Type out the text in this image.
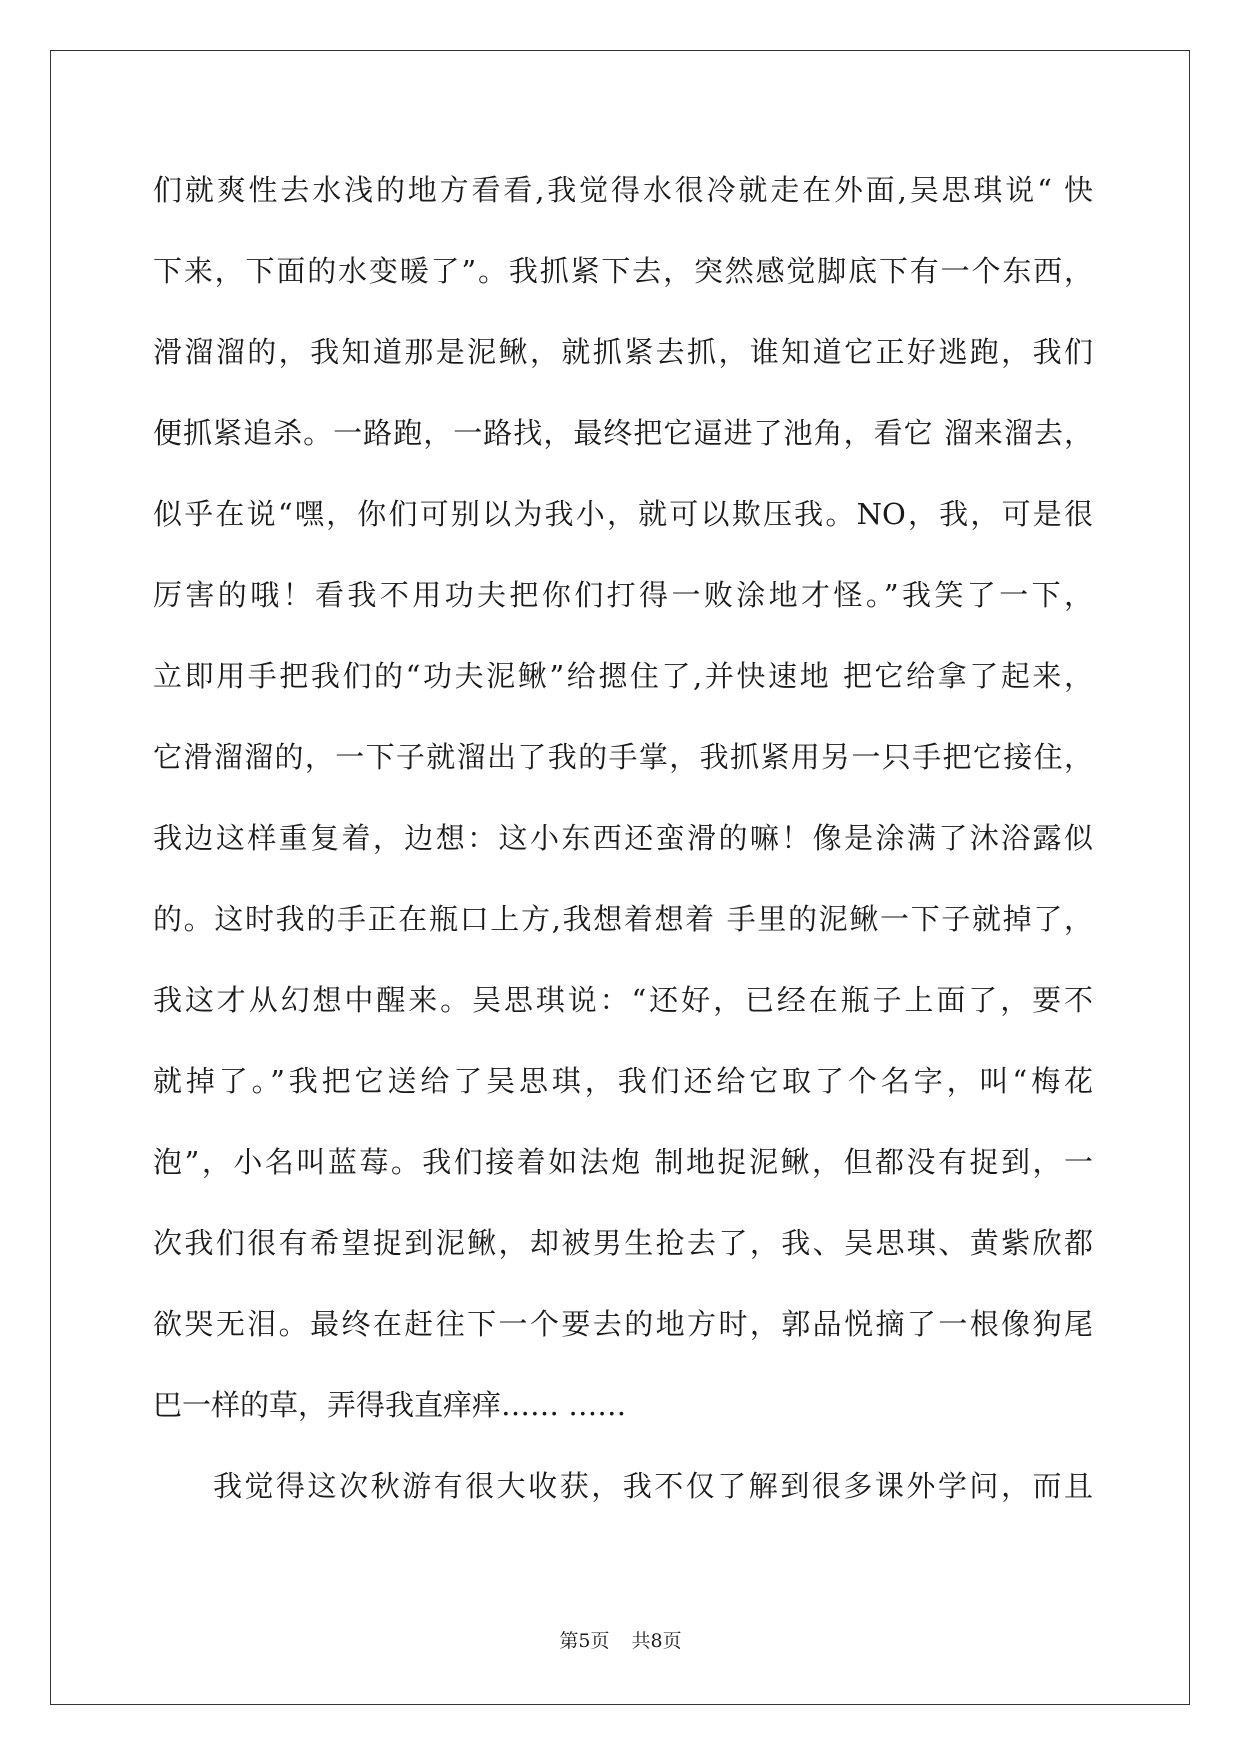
们就爽性去水浅的地方看看,我觉得水很冷就走在外面,吴思琪说“ 快
下来，下面的水变暖了”。我抓紧下去，突然感觉脚底下有一个东西，
滑溜溜的，我知道那是泥鳅，就抓紧去抓，谁知道它正好逃跑，我们
便抓紧追杀。一路跑，一路找，最终把它逼进了池角，看它 溜来溜去，
似乎在说“嘿，你们可别以为我小，就可以欺压我。NO，我，可是很
厉害的哦！看我不用功夫把你们打得一败涂地才怪。”我笑了一下，
立即用手把我们的“功夫泥鳅”给摁住了,并快速地 把它给拿了起来，
它滑溜溜的，一下子就溜出了我的手掌，我抓紧用另一只手把它接住，
我边这样重复着，边想：这小东西还蛮滑的嘛！像是涂满了沐浴露似
的。这时我的手正在瓶口上方,我想着想着 手里的泥鳅一下子就掉了，
我这才从幻想中醒来。吴思琪说：“还好，已经在瓶子上面了，要不
就掉了。”我把它送给了吴思琪，我们还给它取了个名字，叫“梅花
泡”，小名叫蓝莓。我们接着如法炮 制地捉泥鳅，但都没有捉到，一
次我们很有希望捉到泥鳅，却被男生抢去了，我、吴思琪、黄紫欣都
欲哭无泪。最终在赶往下一个要去的地方时，郭品悦摘了一根像狗尾
巴一样的草，弄得我直痒痒…… ……
我觉得这次秋游有很大收获，我不仅了解到很多课外学问，而且
第5页 共8页
